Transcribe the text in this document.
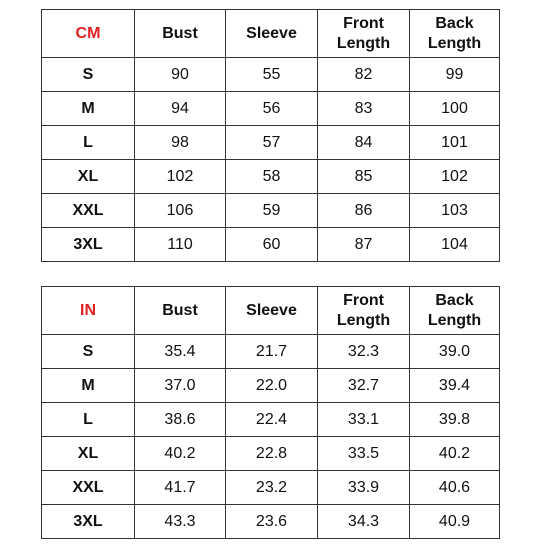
CM	Bust	Sleeve	Front Length	Back Length
S	90	55	82	99
M	94	56	83	100
L	98	57	84	101
XL	102	58	85	102
XXL	106	59	86	103
3XL	110	60	87	104
IN	Bust	Sleeve	Front Length	Back Length
S	35.4	21.7	32.3	39.0
M	37.0	22.0	32.7	39.4
L	38.6	22.4	33.1	39.8
XL	40.2	22.8	33.5	40.2
XXL	41.7	23.2	33.9	40.6
3XL	43.3	23.6	34.3	40.9
